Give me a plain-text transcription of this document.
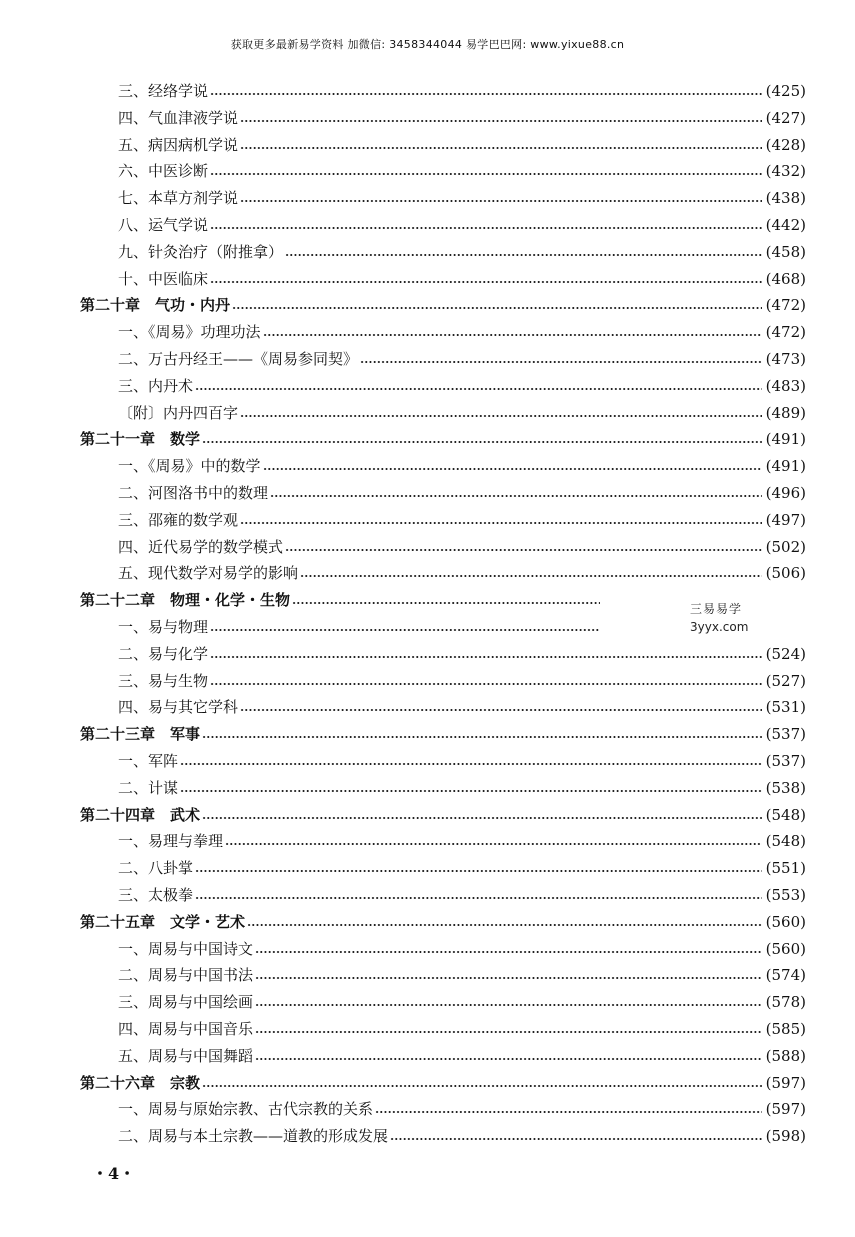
获取更多最新易学资料 加微信: 3458344044 易学巴巴网: www.yixue88.cn
三、经络学说	(425)
四、气血津液学说	(427)
五、病因病机学说	(428)
六、中医诊断	(432)
七、本草方剂学说	(438)
八、运气学说	(442)
九、针灸治疗（附推拿）	(458)
十、中医临床	(468)
第二十章　气功・内丹	(472)
一、《周易》功理功法	(472)
二、万古丹经王——《周易参同契》	(473)
三、内丹术	(483)
〔附〕内丹四百字	(489)
第二十一章　数学	(491)
一、《周易》中的数学	(491)
二、河图洛书中的数理	(496)
三、邵雍的数学观	(497)
四、近代易学的数学模式	(502)
五、现代数学对易学的影响	(506)
第二十二章　物理・化学・生物
一、易与物理
二、易与化学	(524)
三、易与生物	(527)
四、易与其它学科	(531)
第二十三章　军事	(537)
一、军阵	(537)
二、计谋	(538)
第二十四章　武术	(548)
一、易理与拳理	(548)
二、八卦掌	(551)
三、太极拳	(553)
第二十五章　文学・艺术	(560)
一、周易与中国诗文	(560)
二、周易与中国书法	(574)
三、周易与中国绘画	(578)
四、周易与中国音乐	(585)
五、周易与中国舞蹈	(588)
第二十六章　宗教	(597)
一、周易与原始宗教、古代宗教的关系	(597)
二、周易与本土宗教——道教的形成发展	(598)
三易易学
3yyx.com
・4・
